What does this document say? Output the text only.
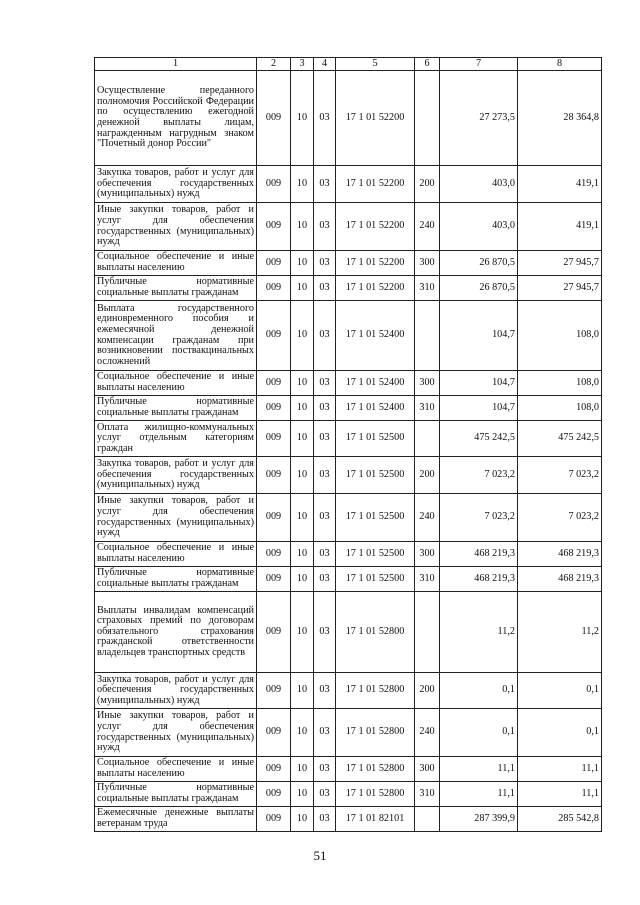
1	2	3	4	5	6	7	8
Осуществление переданного полномочия Российской Федерации по осуществлению ежегодной денежной выплаты лицам, награжденным нагрудным знаком "Почетный донор России"	009	10	03	17 1 01 52200		27 273,5	28 364,8
Закупка товаров, работ и услуг для обеспечения государственных (муниципальных) нужд	009	10	03	17 1 01 52200	200	403,0	419,1
Иные закупки товаров, работ и услуг для обеспечения государственных (муниципальных) нужд	009	10	03	17 1 01 52200	240	403,0	419,1
Социальное обеспечение и иные выплаты населению	009	10	03	17 1 01 52200	300	26 870,5	27 945,7
Публичные нормативные социальные выплаты гражданам	009	10	03	17 1 01 52200	310	26 870,5	27 945,7
Выплата государственного единовременного пособия и ежемесячной денежной компенсации гражданам при возникновении поствакцинальных осложнений	009	10	03	17 1 01 52400		104,7	108,0
Социальное обеспечение и иные выплаты населению	009	10	03	17 1 01 52400	300	104,7	108,0
Публичные нормативные социальные выплаты гражданам	009	10	03	17 1 01 52400	310	104,7	108,0
Оплата жилищно-коммунальных услуг отдельным категориям граждан	009	10	03	17 1 01 52500		475 242,5	475 242,5
Закупка товаров, работ и услуг для обеспечения государственных (муниципальных) нужд	009	10	03	17 1 01 52500	200	7 023,2	7 023,2
Иные закупки товаров, работ и услуг для обеспечения государственных (муниципальных) нужд	009	10	03	17 1 01 52500	240	7 023,2	7 023,2
Социальное обеспечение и иные выплаты населению	009	10	03	17 1 01 52500	300	468 219,3	468 219,3
Публичные нормативные социальные выплаты гражданам	009	10	03	17 1 01 52500	310	468 219,3	468 219,3
Выплаты инвалидам компенсаций страховых премий по договорам обязательного страхования гражданской ответственности владельцев транспортных средств	009	10	03	17 1 01 52800		11,2	11,2
Закупка товаров, работ и услуг для обеспечения государственных (муниципальных) нужд	009	10	03	17 1 01 52800	200	0,1	0,1
Иные закупки товаров, работ и услуг для обеспечения государственных (муниципальных) нужд	009	10	03	17 1 01 52800	240	0,1	0,1
Социальное обеспечение и иные выплаты населению	009	10	03	17 1 01 52800	300	11,1	11,1
Публичные нормативные социальные выплаты гражданам	009	10	03	17 1 01 52800	310	11,1	11,1
Ежемесячные денежные выплаты ветеранам труда	009	10	03	17 1 01 82101		287 399,9	285 542,8
51
